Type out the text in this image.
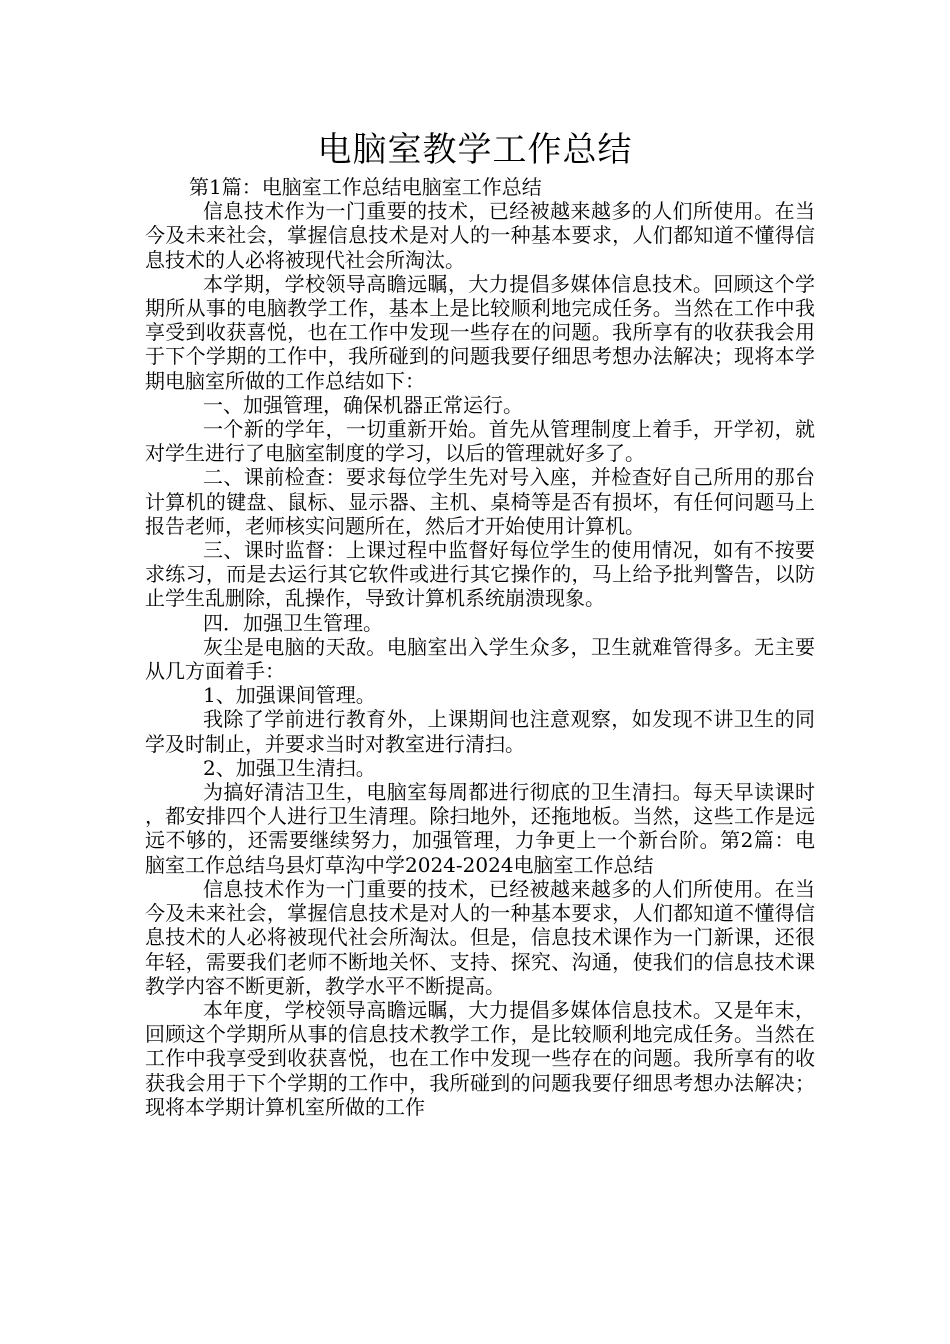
电脑室教学工作总结

第1篇：电脑室工作总结电脑室工作总结

信息技术作为一门重要的技术，已经被越来越多的人们所使用。在当今及未来社会，掌握信息技术是对人的一种基本要求，人们都知道不懂得信息技术的人必将被现代社会所淘汰。

本学期，学校领导高瞻远瞩，大力提倡多媒体信息技术。回顾这个学期所从事的电脑教学工作，基本上是比较顺利地完成任务。当然在工作中我享受到收获喜悦，也在工作中发现一些存在的问题。我所享有的收获我会用于下个学期的工作中，我所碰到的问题我要仔细思考想办法解决；现将本学期电脑室所做的工作总结如下：

一、加强管理，确保机器正常运行。

一个新的学年，一切重新开始。首先从管理制度上着手，开学初，就对学生进行了电脑室制度的学习，以后的管理就好多了。

二、课前检查：要求每位学生先对号入座，并检查好自己所用的那台计算机的键盘、鼠标、显示器、主机、桌椅等是否有损坏，有任何问题马上报告老师，老师核实问题所在，然后才开始使用计算机。

三、课时监督：上课过程中监督好每位学生的使用情况，如有不按要求练习，而是去运行其它软件或进行其它操作的，马上给予批判警告，以防止学生乱删除，乱操作，导致计算机系统崩溃现象。

四．加强卫生管理。

灰尘是电脑的天敌。电脑室出入学生众多，卫生就难管得多。无主要从几方面着手：

1、加强课间管理。

我除了学前进行教育外，上课期间也注意观察，如发现不讲卫生的同学及时制止，并要求当时对教室进行清扫。

2、加强卫生清扫。

为搞好清洁卫生，电脑室每周都进行彻底的卫生清扫。每天早读课时，都安排四个人进行卫生清理。除扫地外，还拖地板。当然，这些工作是远远不够的，还需要继续努力，加强管理，力争更上一个新台阶。第2篇：电脑室工作总结乌县灯草沟中学2024-2024电脑室工作总结

信息技术作为一门重要的技术，已经被越来越多的人们所使用。在当今及未来社会，掌握信息技术是对人的一种基本要求，人们都知道不懂得信息技术的人必将被现代社会所淘汰。但是，信息技术课作为一门新课，还很年轻，需要我们老师不断地关怀、支持、探究、沟通，使我们的信息技术课教学内容不断更新，教学水平不断提高。

本年度，学校领导高瞻远瞩，大力提倡多媒体信息技术。又是年末，回顾这个学期所从事的信息技术教学工作，是比较顺利地完成任务。当然在工作中我享受到收获喜悦，也在工作中发现一些存在的问题。我所享有的收获我会用于下个学期的工作中，我所碰到的问题我要仔细思考想办法解决；现将本学期计算机室所做的工作
